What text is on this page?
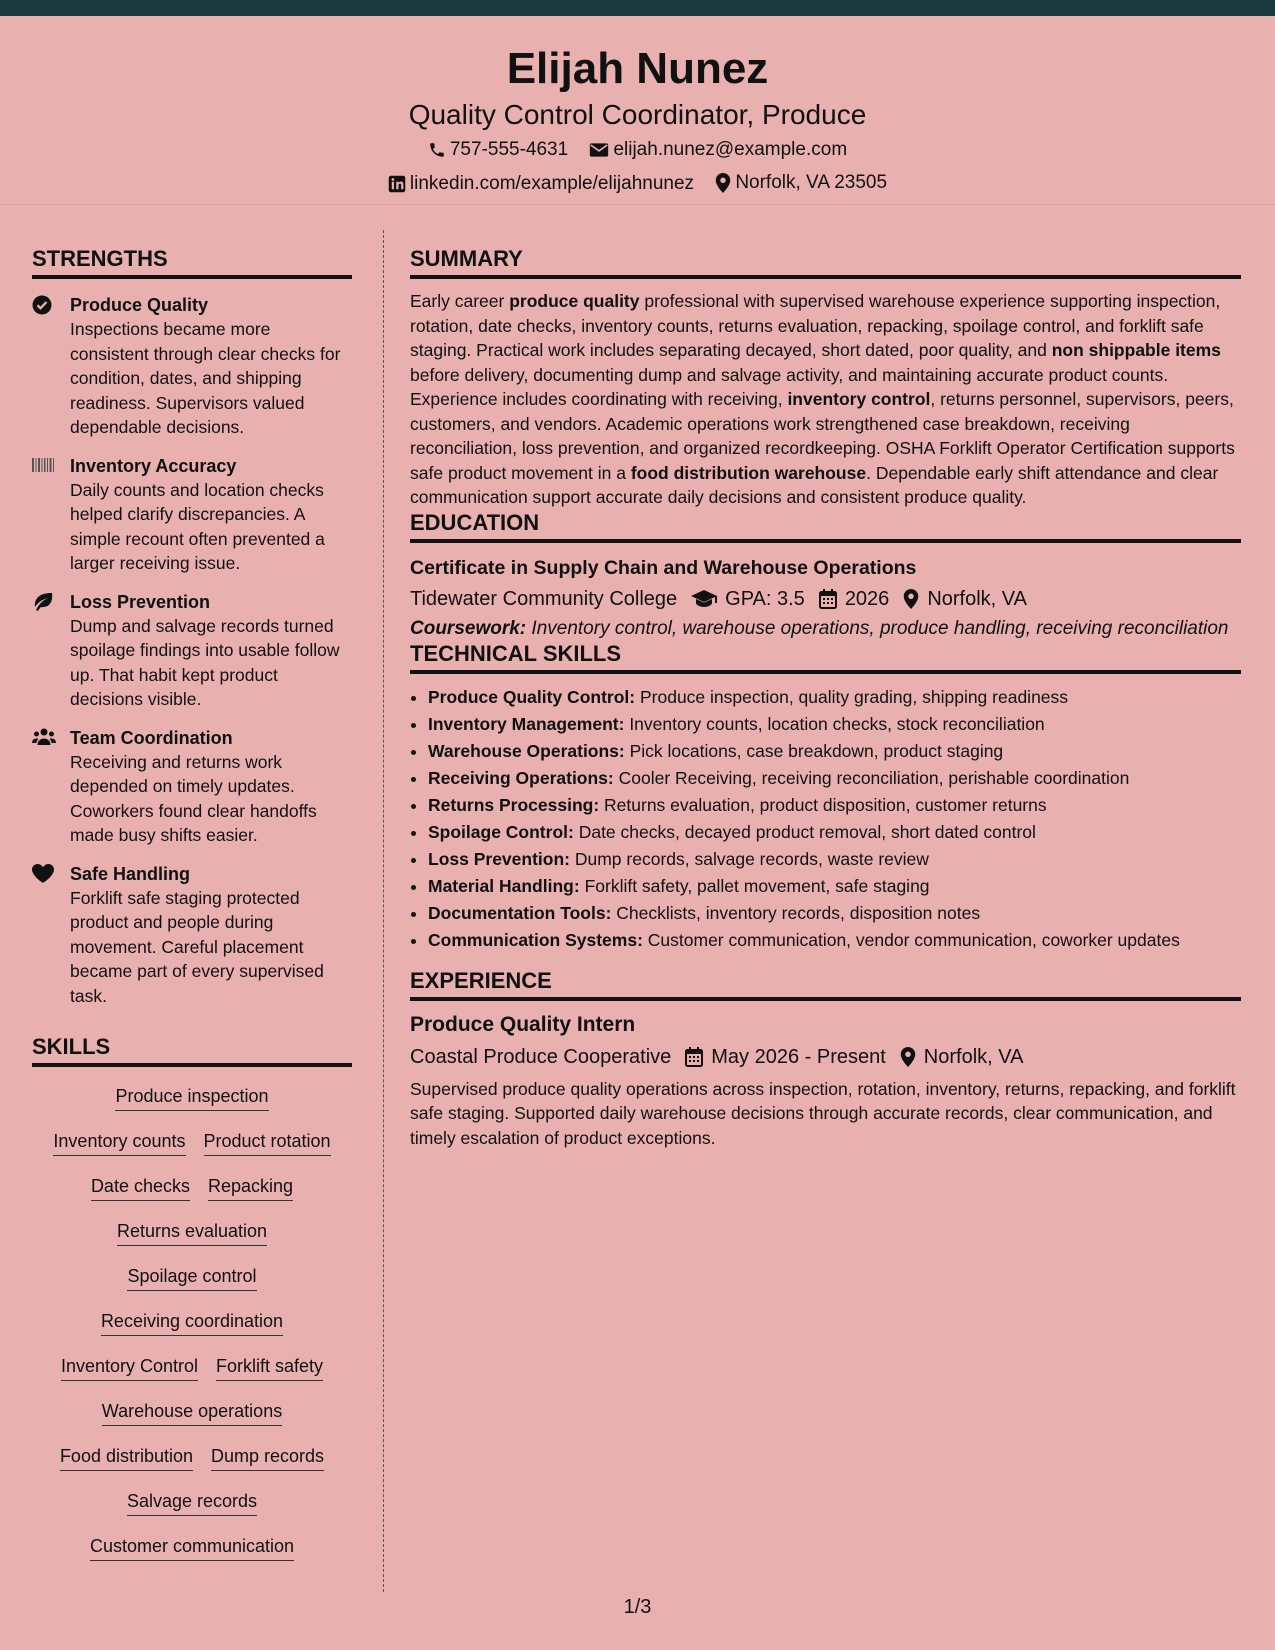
Elijah Nunez
Quality Control Coordinator, Produce
757-555-4631
elijah.nunez@example.com
linkedin.com/example/elijahnunez
Norfolk, VA 23505
STRENGTHS
Produce Quality
Inspections became more consistent through clear checks for condition, dates, and shipping readiness. Supervisors valued dependable decisions.
Inventory Accuracy
Daily counts and location checks helped clarify discrepancies. A simple recount often prevented a larger receiving issue.
Loss Prevention
Dump and salvage records turned spoilage findings into usable follow up. That habit kept product decisions visible.
Team Coordination
Receiving and returns work depended on timely updates. Coworkers found clear handoffs made busy shifts easier.
Safe Handling
Forklift safe staging protected product and people during movement. Careful placement became part of every supervised task.
SKILLS
Produce inspection
Inventory counts Product rotation
Date checks Repacking
Returns evaluation
Spoilage control
Receiving coordination
Inventory Control Forklift safety
Warehouse operations
Food distribution Dump records
Salvage records
Customer communication
SUMMARY
Early career produce quality professional with supervised warehouse experience supporting inspection, rotation, date checks, inventory counts, returns evaluation, repacking, spoilage control, and forklift safe staging. Practical work includes separating decayed, short dated, poor quality, and non shippable items before delivery, documenting dump and salvage activity, and maintaining accurate product counts. Experience includes coordinating with receiving, inventory control, returns personnel, supervisors, peers, customers, and vendors. Academic operations work strengthened case breakdown, receiving reconciliation, loss prevention, and organized recordkeeping. OSHA Forklift Operator Certification supports safe product movement in a food distribution warehouse. Dependable early shift attendance and clear communication support accurate daily decisions and consistent produce quality.
EDUCATION
Certificate in Supply Chain and Warehouse Operations
Tidewater Community College GPA: 3.5 2026 Norfolk, VA
Coursework: Inventory control, warehouse operations, produce handling, receiving reconciliation
TECHNICAL SKILLS
• Produce Quality Control: Produce inspection, quality grading, shipping readiness
• Inventory Management: Inventory counts, location checks, stock reconciliation
• Warehouse Operations: Pick locations, case breakdown, product staging
• Receiving Operations: Cooler Receiving, receiving reconciliation, perishable coordination
• Returns Processing: Returns evaluation, product disposition, customer returns
• Spoilage Control: Date checks, decayed product removal, short dated control
• Loss Prevention: Dump records, salvage records, waste review
• Material Handling: Forklift safety, pallet movement, safe staging
• Documentation Tools: Checklists, inventory records, disposition notes
• Communication Systems: Customer communication, vendor communication, coworker updates
EXPERIENCE
Produce Quality Intern
Coastal Produce Cooperative May 2026 - Present Norfolk, VA
Supervised produce quality operations across inspection, rotation, inventory, returns, repacking, and forklift safe staging. Supported daily warehouse decisions through accurate records, clear communication, and timely escalation of product exceptions.
1/3
